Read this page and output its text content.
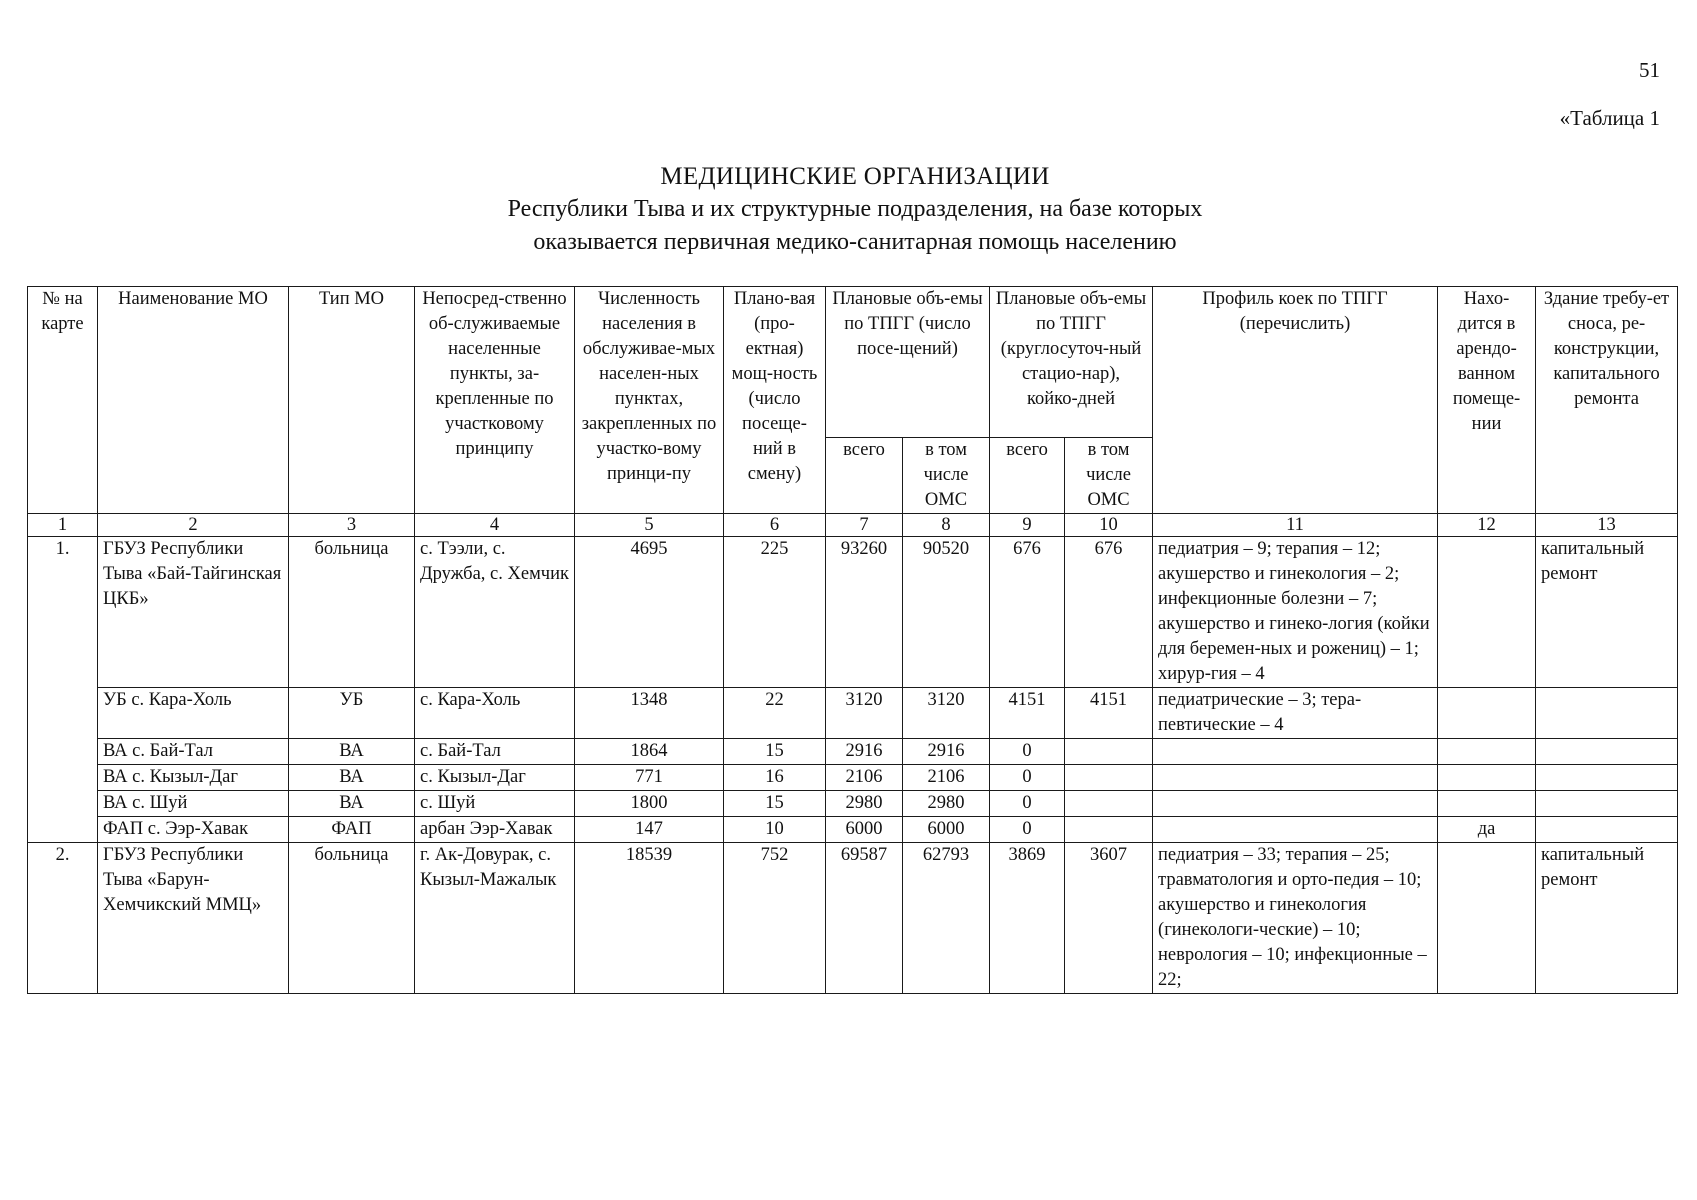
51
«Таблица 1
МЕДИЦИНСКИЕ ОРГАНИЗАЦИИ
Республики Тыва и их структурные подразделения, на базе которых
оказывается первичная медико-санитарная помощь населению
№ на карте	Наименование МО	Тип МО	Непосред-ственно об-служиваемые населенные пункты, за-крепленные по участковому принципу	Численность населения в обслуживае-мых населен-ных пунктах, закрепленных по участко-вому принци-пу	Плано-вая (про-ектная) мощ-ность (число посеще-ний в смену)	Плановые объ-емы по ТПГГ (число посе-щений)		Плановые объ-емы по ТПГГ (круглосуточ-ный стацио-нар), койко-дней		Профиль коек по ТПГГ (перечислить)	Нахо-дится в арендо-ванном помеще-нии	Здание требу-ет сноса, ре-конструкции, капитального ремонта
						всего	в том числе ОМС	всего	в том числе ОМС			
1	2	3	4	5	6	7	8	9	10	11	12	13
1.	ГБУЗ Республики Тыва «Бай-Тайгинская ЦКБ»	больница	с. Тээли, с. Дружба, с. Хемчик	4695	225	93260	90520	676	676	педиатрия – 9; терапия – 12; акушерство и гинекология – 2; инфекционные болезни – 7; акушерство и гинеко-логия (койки для беремен-ных и рожениц) – 1; хирур-гия – 4		капитальный ремонт
	УБ с. Кара-Холь	УБ	с. Кара-Холь	1348	22	3120	3120	4151	4151	педиатрические – 3; тера-певтические – 4		
	ВА с. Бай-Тал	ВА	с. Бай-Тал	1864	15	2916	2916	0				
	ВА с. Кызыл-Даг	ВА	с. Кызыл-Даг	771	16	2106	2106	0				
	ВА с. Шуй	ВА	с. Шуй	1800	15	2980	2980	0				
	ФАП с. Ээр-Хавак	ФАП	арбан Ээр-Хавак	147	10	6000	6000	0			да	
2.	ГБУЗ Республики Тыва «Барун-Хемчикский ММЦ»	больница	г. Ак-Довурак, с. Кызыл-Мажалык	18539	752	69587	62793	3869	3607	педиатрия – 33; терапия – 25; травматология и орто-педия – 10; акушерство и гинекология (гинекологи-ческие) – 10; неврология – 10; инфекционные – 22;		капитальный ремонт
